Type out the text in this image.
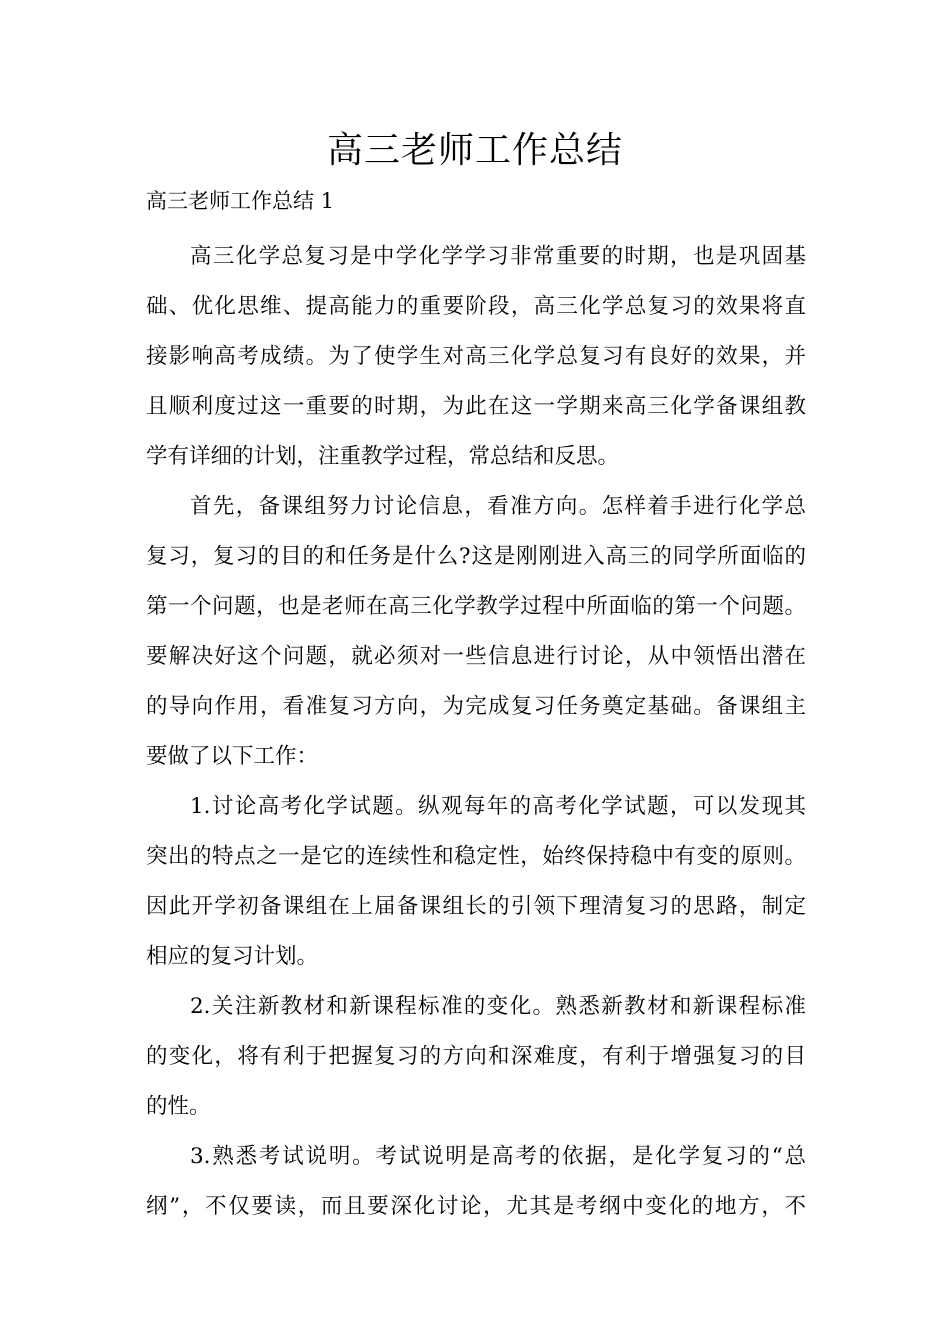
高三老师工作总结
高三老师工作总结 1
高三化学总复习是中学化学学习非常重要的时期，也是巩固基
础、优化思维、提高能力的重要阶段，高三化学总复习的效果将直
接影响高考成绩。为了使学生对高三化学总复习有良好的效果，并
且顺利度过这一重要的时期，为此在这一学期来高三化学备课组教
学有详细的计划，注重教学过程，常总结和反思。
首先，备课组努力讨论信息，看准方向。怎样着手进行化学总
复习，复习的目的和任务是什么?这是刚刚进入高三的同学所面临的
第一个问题，也是老师在高三化学教学过程中所面临的第一个问题。
要解决好这个问题，就必须对一些信息进行讨论，从中领悟出潜在
的导向作用，看准复习方向，为完成复习任务奠定基础。备课组主
要做了以下工作：
1.讨论高考化学试题。纵观每年的高考化学试题，可以发现其
突出的特点之一是它的连续性和稳定性，始终保持稳中有变的原则。
因此开学初备课组在上届备课组长的引领下理清复习的思路，制定
相应的复习计划。
2.关注新教材和新课程标准的变化。熟悉新教材和新课程标准
的变化，将有利于把握复习的方向和深难度，有利于增强复习的目
的性。
3.熟悉考试说明。考试说明是高考的依据，是化学复习的“总
纲”，不仅要读，而且要深化讨论，尤其是考纲中变化的地方，不
